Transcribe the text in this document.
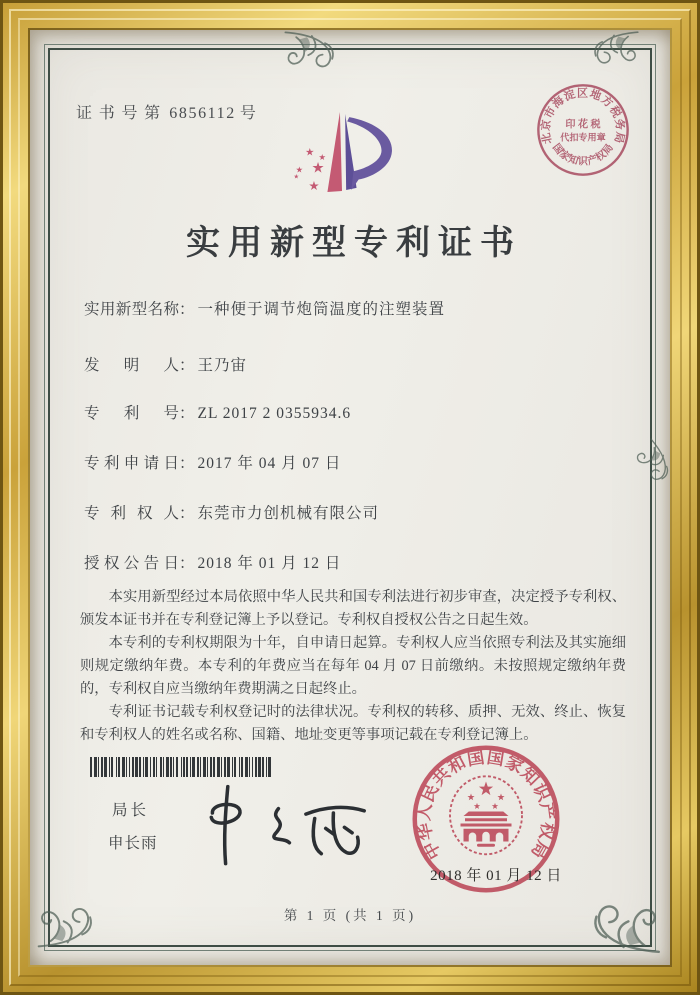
证书号第 6856112 号
★ ★
★ ★
★
★
北京市海淀区地方税务局
国家知识产权局
印 花 税
代扣专用章
实用新型专利证书
实用新型名称： 一种便于调节炮筒温度的注塑装置
发明人： 王乃宙
专利号： ZL 2017 2 0355934.6
专利申请日： 2017 年 04 月 07 日
专利权人： 东莞市力创机械有限公司
授权公告日： 2018 年 01 月 12 日

本实用新型经过本局依照中华人民共和国专利法进行初步审查，决定授予专利权、颁发本证书并在专利登记簿上予以登记。专利权自授权公告之日起生效。

本专利的专利权期限为十年，自申请日起算。专利权人应当依照专利法及其实施细则规定缴纳年费。本专利的年费应当在每年 04 月 07 日前缴纳。未按照规定缴纳年费的，专利权自应当缴纳年费期满之日起终止。

专利证书记载专利权登记时的法律状况。专利权的转移、质押、无效、终止、恢复和专利权人的姓名或名称、国籍、地址变更等事项记载在专利登记簿上。

局长
申长雨	中华人民共和国国家知识产权局
2018 年 01 月 12 日
第 1 页 (共 1 页)
